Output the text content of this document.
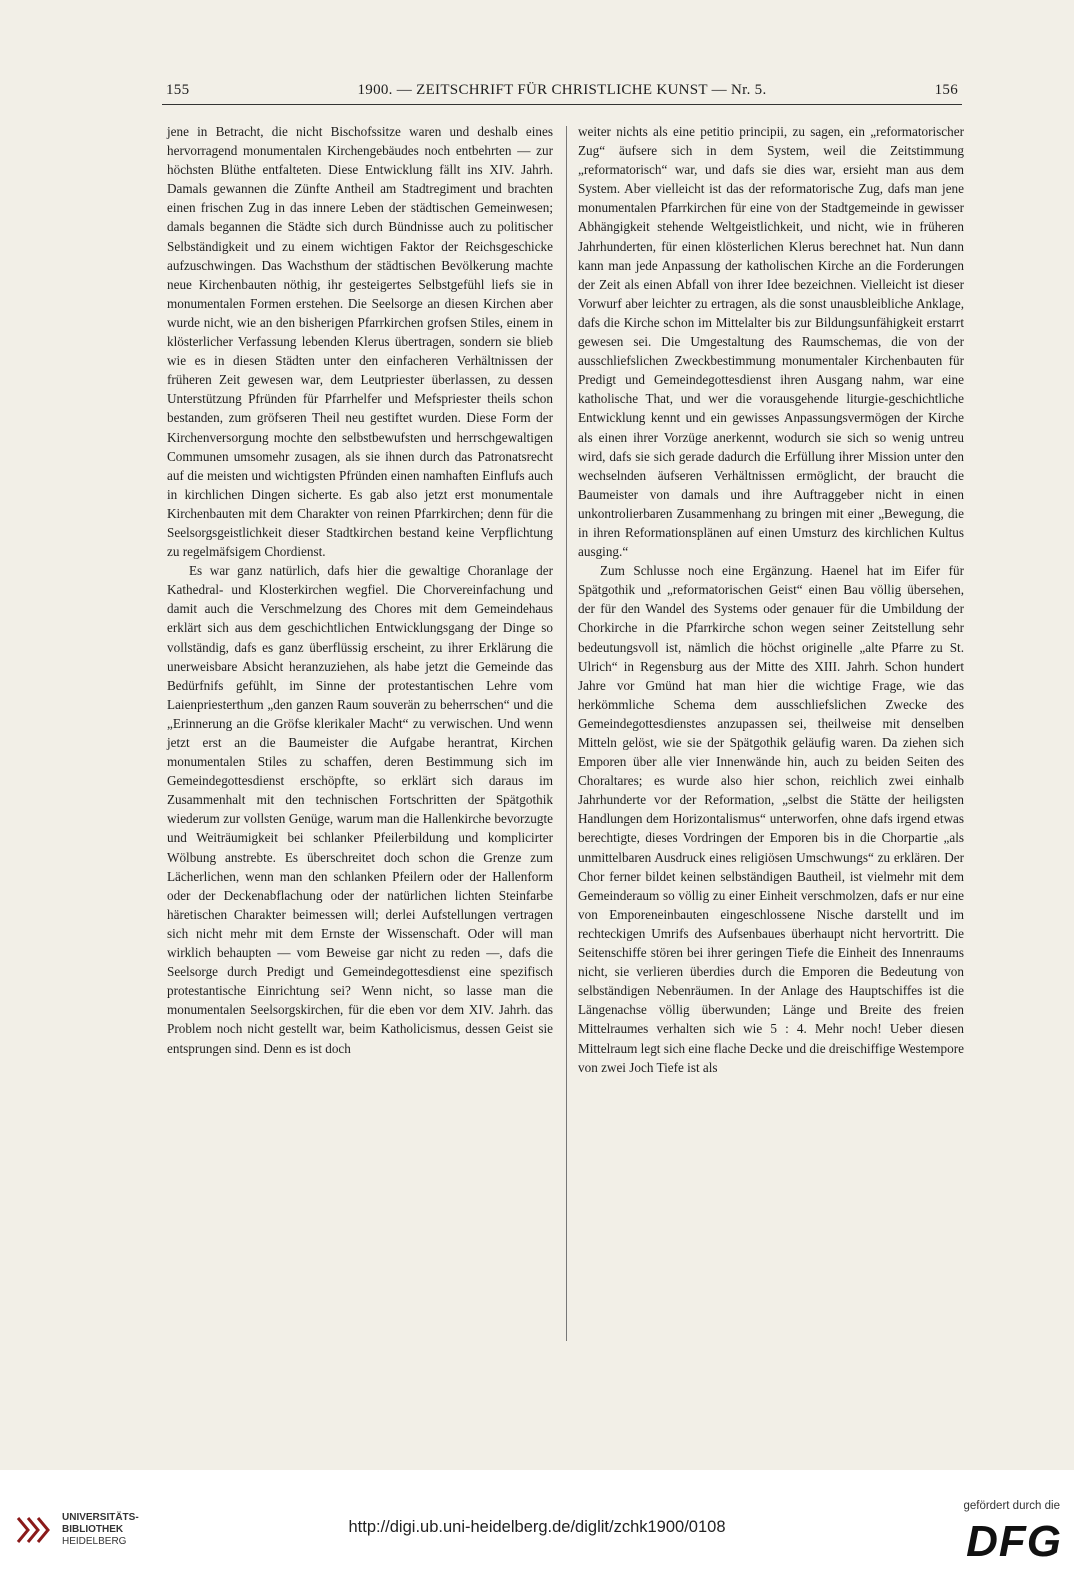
155	1900. — ZEITSCHRIFT FÜR CHRISTLICHE KUNST — Nr. 5.	156

jene in Betracht, die nicht Bischofssitze waren und deshalb eines hervorragend monumentalen Kirchengebäudes noch entbehrten — zur höchsten Blüthe entfalteten. Diese Entwicklung fällt ins XIV. Jahrh. Damals gewannen die Zünfte Antheil am Stadtregiment und brachten einen frischen Zug in das innere Leben der städtischen Gemeinwesen; damals begannen die Städte sich durch Bündnisse auch zu politischer Selbständigkeit und zu einem wichtigen Faktor der Reichsgeschicke aufzuschwingen. Das Wachsthum der städtischen Bevölkerung machte neue Kirchenbauten nöthig, ihr gesteigertes Selbstgefühl liefs sie in monumentalen Formen erstehen. Die Seelsorge an diesen Kirchen aber wurde nicht, wie an den bisherigen Pfarrkirchen grofsen Stiles, einem in klösterlicher Verfassung lebenden Klerus übertragen, sondern sie blieb wie es in diesen Städten unter den einfacheren Verhältnissen der früheren Zeit gewesen war, dem Leutpriester überlassen, zu dessen Unterstützung Pfründen für Pfarrhelfer und Mefspriester theils schon bestanden, zum gröfseren Theil neu gestiftet wurden. Diese Form der Kirchenversorgung mochte den selbstbewufsten und herrschgewaltigen Communen umsomehr zusagen, als sie ihnen durch das Patronatsrecht auf die meisten und wichtigsten Pfründen einen namhaften Einflufs auch in kirchlichen Dingen sicherte. Es gab also jetzt erst monumentale Kirchenbauten mit dem Charakter von reinen Pfarrkirchen; denn für die Seelsorgsgeistlichkeit dieser Stadtkirchen bestand keine Verpflichtung zu regelmäfsigem Chordienst.

Es war ganz natürlich, dafs hier die gewaltige Choranlage der Kathedral- und Klosterkirchen wegfiel. Die Chorvereinfachung und damit auch die Verschmelzung des Chores mit dem Gemeindehaus erklärt sich aus dem geschichtlichen Entwicklungsgang der Dinge so vollständig, dafs es ganz überflüssig erscheint, zu ihrer Erklärung die unerweisbare Absicht heranzuziehen, als habe jetzt die Gemeinde das Bedürfnifs gefühlt, im Sinne der protestantischen Lehre vom Laienpriesterthum „den ganzen Raum souverän zu beherrschen“ und die „Erinnerung an die Gröfse klerikaler Macht“ zu verwischen. Und wenn jetzt erst an die Baumeister die Aufgabe herantrat, Kirchen monumentalen Stiles zu schaffen, deren Bestimmung sich im Gemeindegottesdienst erschöpfte, so erklärt sich daraus im Zusammenhalt mit den technischen Fortschritten der Spätgothik wiederum zur vollsten Genüge, warum man die Hallenkirche bevorzugte und Weiträumigkeit bei schlanker Pfeilerbildung und komplicirter Wölbung anstrebte. Es überschreitet doch schon die Grenze zum Lächerlichen, wenn man den schlanken Pfeilern oder der Hallenform oder der Deckenabflachung oder der natürlichen lichten Steinfarbe häretischen Charakter beimessen will; derlei Aufstellungen vertragen sich nicht mehr mit dem Ernste der Wissenschaft. Oder will man wirklich behaupten — vom Beweise gar nicht zu reden —, dafs die Seelsorge durch Predigt und Gemeindegottesdienst eine spezifisch protestantische Einrichtung sei? Wenn nicht, so lasse man die monumentalen Seelsorgskirchen, für die eben vor dem XIV. Jahrh. das Problem noch nicht gestellt war, beim Katholicismus, dessen Geist sie entsprungen sind. Denn es ist doch

weiter nichts als eine petitio principii, zu sagen, ein „reformatorischer Zug“ äufsere sich in dem System, weil die Zeitstimmung „reformatorisch“ war, und dafs sie dies war, ersieht man aus dem System. Aber vielleicht ist das der reformatorische Zug, dafs man jene monumentalen Pfarrkirchen für eine von der Stadtgemeinde in gewisser Abhängigkeit stehende Weltgeistlichkeit, und nicht, wie in früheren Jahrhunderten, für einen klösterlichen Klerus berechnet hat. Nun dann kann man jede Anpassung der katholischen Kirche an die Forderungen der Zeit als einen Abfall von ihrer Idee bezeichnen. Vielleicht ist dieser Vorwurf aber leichter zu ertragen, als die sonst unausbleibliche Anklage, dafs die Kirche schon im Mittelalter bis zur Bildungsunfähigkeit erstarrt gewesen sei. Die Umgestaltung des Raumschemas, die von der ausschliefslichen Zweckbestimmung monumentaler Kirchenbauten für Predigt und Gemeindegottesdienst ihren Ausgang nahm, war eine katholische That, und wer die vorausgehende liturgie-geschichtliche Entwicklung kennt und ein gewisses Anpassungsvermögen der Kirche als einen ihrer Vorzüge anerkennt, wodurch sie sich so wenig untreu wird, dafs sie sich gerade dadurch die Erfüllung ihrer Mission unter den wechselnden äufseren Verhältnissen ermöglicht, der braucht die Baumeister von damals und ihre Auftraggeber nicht in einen unkontrolierbaren Zusammenhang zu bringen mit einer „Bewegung, die in ihren Reformationsplänen auf einen Umsturz des kirchlichen Kultus ausging.“

Zum Schlusse noch eine Ergänzung. Haenel hat im Eifer für Spätgothik und „reformatorischen Geist“ einen Bau völlig übersehen, der für den Wandel des Systems oder genauer für die Umbildung der Chorkirche in die Pfarrkirche schon wegen seiner Zeitstellung sehr bedeutungsvoll ist, nämlich die höchst originelle „alte Pfarre zu St. Ulrich“ in Regensburg aus der Mitte des XIII. Jahrh. Schon hundert Jahre vor Gmünd hat man hier die wichtige Frage, wie das herkömmliche Schema dem ausschliefslichen Zwecke des Gemeindegottesdienstes anzupassen sei, theilweise mit denselben Mitteln gelöst, wie sie der Spätgothik geläufig waren. Da ziehen sich Emporen über alle vier Innenwände hin, auch zu beiden Seiten des Choraltares; es wurde also hier schon, reichlich zwei einhalb Jahrhunderte vor der Reformation, „selbst die Stätte der heiligsten Handlungen dem Horizontalismus“ unterworfen, ohne dafs irgend etwas berechtigte, dieses Vordringen der Emporen bis in die Chorpartie „als unmittelbaren Ausdruck eines religiösen Umschwungs“ zu erklären. Der Chor ferner bildet keinen selbständigen Bautheil, ist vielmehr mit dem Gemeinderaum so völlig zu einer Einheit verschmolzen, dafs er nur eine von Emporeneinbauten eingeschlossene Nische darstellt und im rechteckigen Umrifs des Aufsenbaues überhaupt nicht hervortritt. Die Seitenschiffe stören bei ihrer geringen Tiefe die Einheit des Innenraums nicht, sie verlieren überdies durch die Emporen die Bedeutung von selbständigen Nebenräumen. In der Anlage des Hauptschiffes ist die Längenachse völlig überwunden; Länge und Breite des freien Mittelraumes verhalten sich wie 5 : 4. Mehr noch! Ueber diesen Mittelraum legt sich eine flache Decke und die dreischiffige Westempore von zwei Joch Tiefe ist als

UNIVERSITÄTS-
BIBLIOTHEK
HEIDELBERG
http://digi.ub.uni-heidelberg.de/diglit/zchk1900/0108
gefördert durch die
DFG
